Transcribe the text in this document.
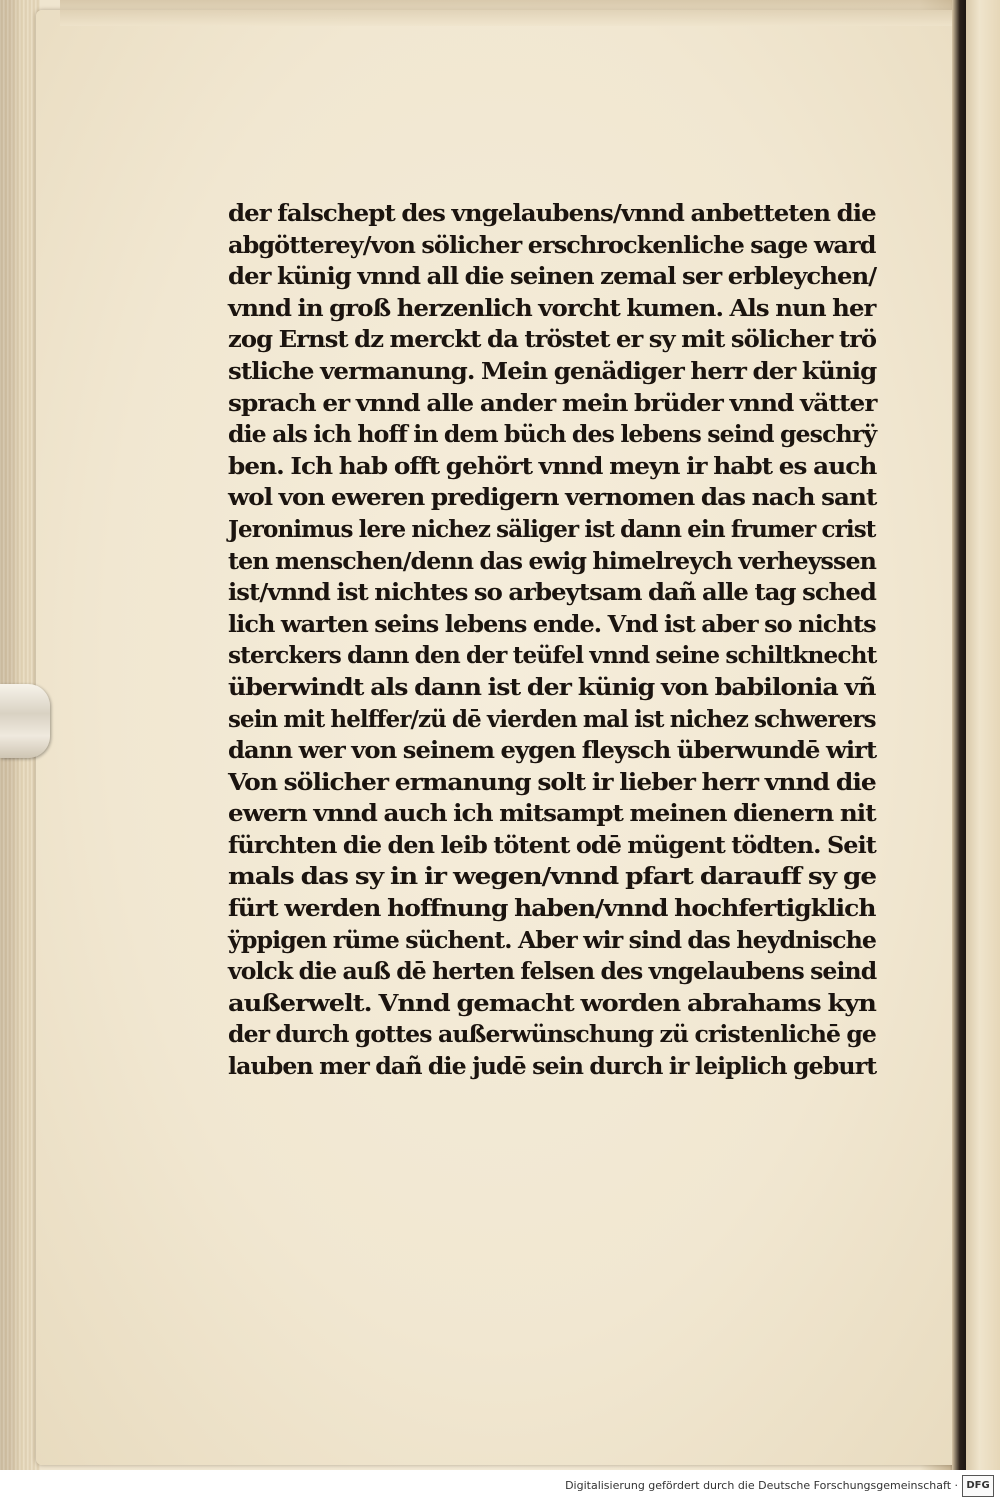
der falschept des vngelaubens/vnnd anbetteten die
abgötterey/von sölicher erschrockenliche sage ward
der künig vnnd all die seinen zemal ser erbleychen/
vnnd in groß herzenlich vorcht kumen. Als nun her
zog Ernst dz merckt da tröstet er sy mit sölicher trö
stliche vermanung. Mein genädiger herr der künig
sprach er vnnd alle ander mein brüder vnnd vätter
die als ich hoff in dem büch des lebens seind geschrÿ
ben. Ich hab offt gehört vnnd meyn ir habt es auch
wol von eweren predigern vernomen das nach sant
Jeronimus lere nichez säliger ist dann ein frumer crist
ten menschen/denn das ewig himelreych verheyssen
ist/vnnd ist nichtes so arbeytsam dañ alle tag sched
lich warten seins lebens ende. Vnd ist aber so nichts
sterckers dann den der teüfel vnnd seine schiltknecht
überwindt als dann ist der künig von babilonia vñ
sein mit helffer/zü dē vierden mal ist nichez schwerers
dann wer von seinem eygen fleysch überwundē wirt
Von sölicher ermanung solt ir lieber herr vnnd die
ewern vnnd auch ich mitsampt meinen dienern nit
fürchten die den leib tötent odē mügent tödten. Seit
mals das sy in ir wegen/vnnd pfart darauff sy ge
fürt werden hoffnung haben/vnnd hochfertigklich
ÿppigen rüme süchent. Aber wir sind das heydnische
volck die auß dē herten felsen des vngelaubens seind
außerwelt. Vnnd gemacht worden abrahams kyn
der durch gottes außerwünschung zü cristenlichē ge
lauben mer dañ die judē sein durch ir leiplich geburt
Digitalisierung gefördert durch die Deutsche Forschungsgemeinschaft · DFG
